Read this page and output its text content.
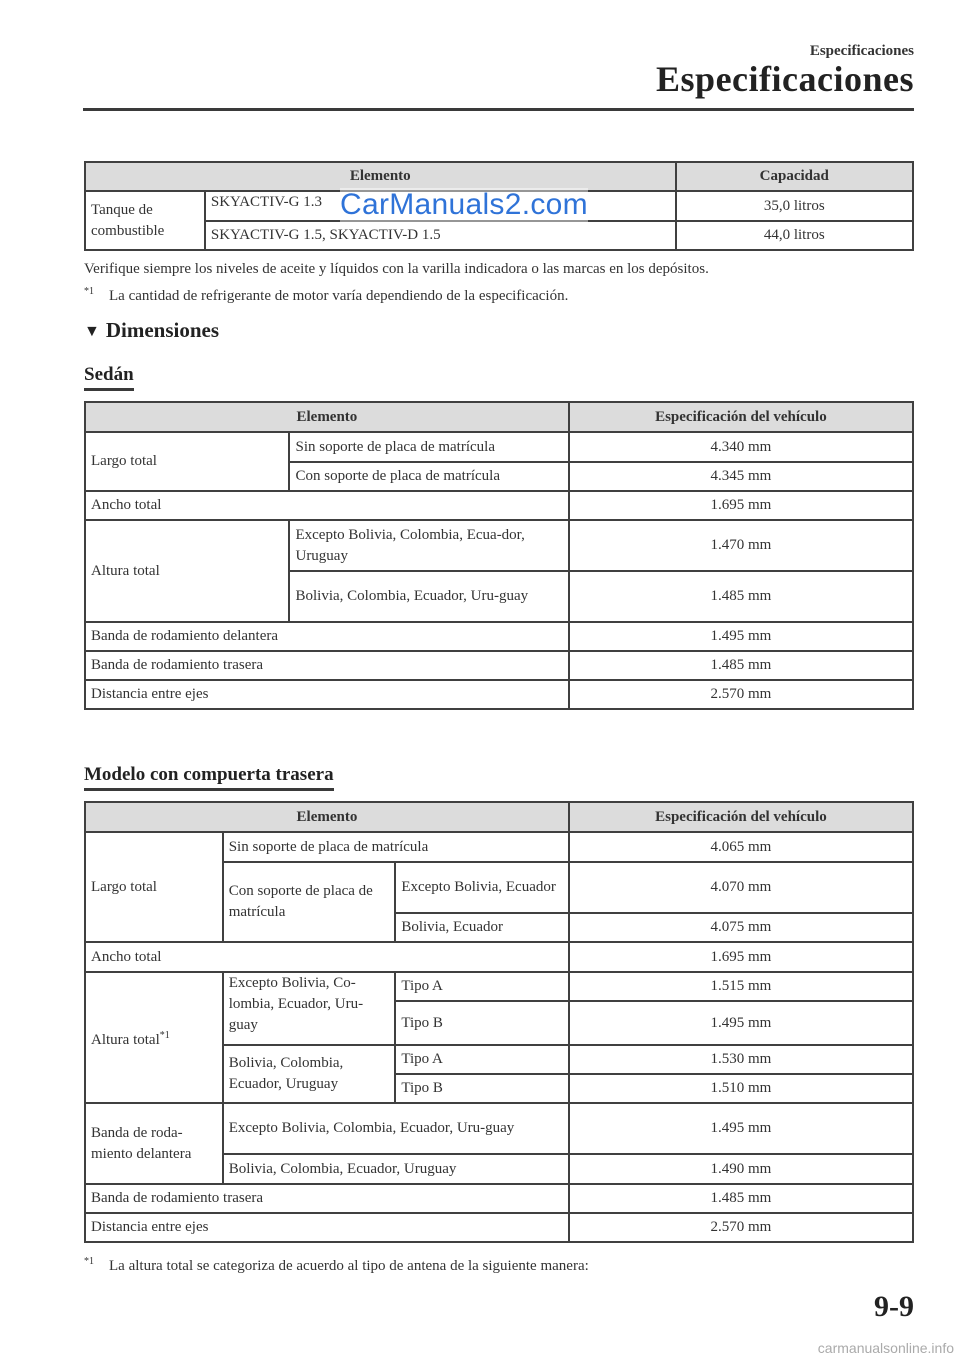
Especificaciones
Especificaciones
Elemento		Capacidad
Tanque de combustible	SKYACTIV-G 1.3	35,0 litros
	SKYACTIV-G 1.5, SKYACTIV-D 1.5	44,0 litros
CarManuals2.com
Verifique siempre los niveles de aceite y líquidos con la varilla indicadora o las marcas en los depósitos.
$^{*1}$ La cantidad de refrigerante de motor varía dependiendo de la especificación.
▼ Dimensiones
Sedán
Elemento		Especificación del vehículo
Largo total	Sin soporte de placa de matrícula	4.340 mm
	Con soporte de placa de matrícula	4.345 mm
Ancho total		1.695 mm
Altura total	Excepto Bolivia, Colombia, Ecua-dor, Uruguay	1.470 mm
	Bolivia, Colombia, Ecuador, Uru-guay	1.485 mm
Banda de rodamiento delantera		1.495 mm
Banda de rodamiento trasera		1.485 mm
Distancia entre ejes		2.570 mm
Modelo con compuerta trasera
Elemento			Especificación del vehículo
Largo total	Sin soporte de placa de matrícula		4.065 mm
	Con soporte de placa de matrícula	Excepto Bolivia, Ecuador	4.070 mm
		Bolivia, Ecuador	4.075 mm
Ancho total			1.695 mm
Altura total$^{*1}$	Excepto Bolivia, Co-lombia, Ecuador, Uru-guay	Tipo A	1.515 mm
		Tipo B	1.495 mm
	Bolivia, Colombia, Ecuador, Uruguay	Tipo A	1.530 mm
		Tipo B	1.510 mm
Banda de roda-miento delantera	Excepto Bolivia, Colombia, Ecuador, Uru-guay		1.495 mm
	Bolivia, Colombia, Ecuador, Uruguay		1.490 mm
Banda de rodamiento trasera			1.485 mm
Distancia entre ejes			2.570 mm
$^{*1}$ La altura total se categoriza de acuerdo al tipo de antena de la siguiente manera:
9-9
carmanualsonline.info
